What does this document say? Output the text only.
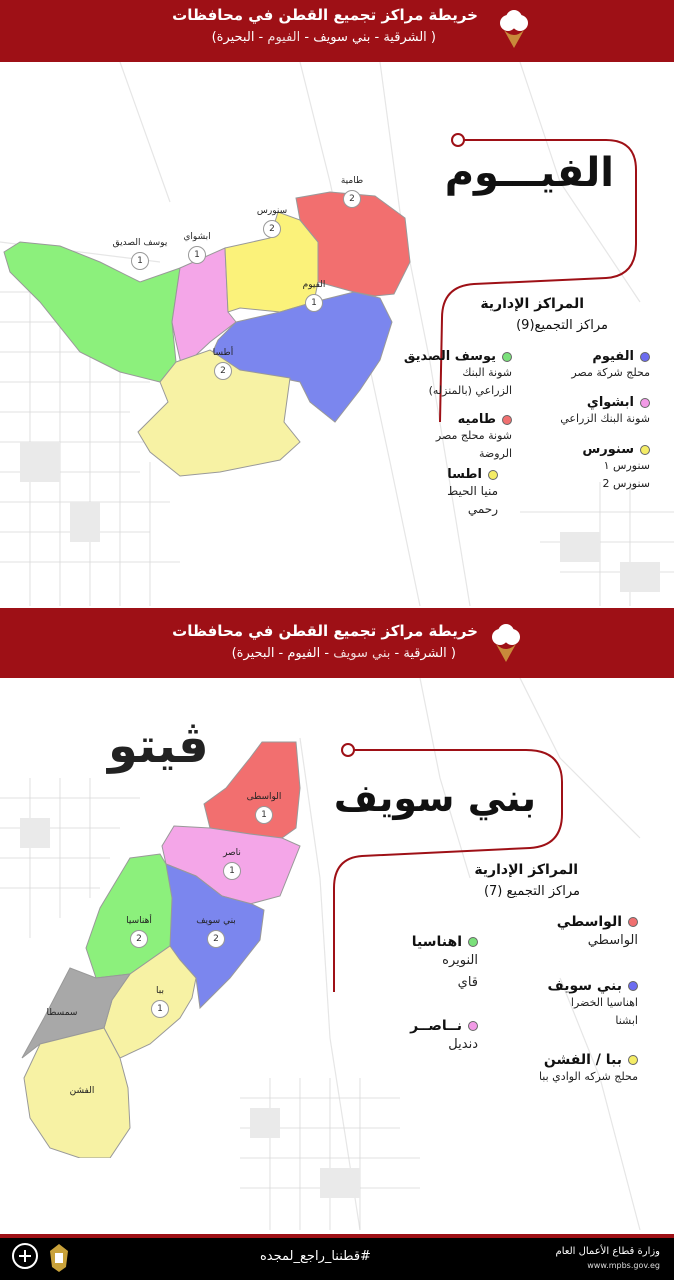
خريطة مراكز تجميع القطن في محافظات
( الشرقية - بني سويف - الفيوم - البحيرة)
الفيـــوم
طامية
2
سنورس
2
ابشواي
1
يوسف الصديق
1
الفيوم
1
أطسا
2
المراكز الإدارية
مراكز التجميع(9)
الفيوم
محلج شركة مصر
يوسف الصديق
شونة البنك
الزراعي (بالمنزله)
ابشواي
شونة البنك الزراعي
طاميه
شونة محلج مصر
الروضة	سنورس
سنورس ١
سنورس 2
اطسا
منيا الحيط
رحمي
خريطة مراكز تجميع القطن في محافظات
( الشرقية - بني سويف - الفيوم - البحيرة)
بني سويف
الواسطى
1
ناصر
1
أهناسيا
2
بني سويف
2
ببا
1
سمسطا
الفشن
المراكز الإدارية
مراكز التجميع (7)
الواسطي
الواسطي
اهناسيا
النويره
قاي	بني سويف
اهناسيا الخضرا
ابشنا
نــاصــر
دنديل
ببا / الفشن
محلج شركه الوادي ببا
ڤيتو
#قطننا_راجع_لمجده	وزارة قطاع الأعمال العام
www.mpbs.gov.eg
